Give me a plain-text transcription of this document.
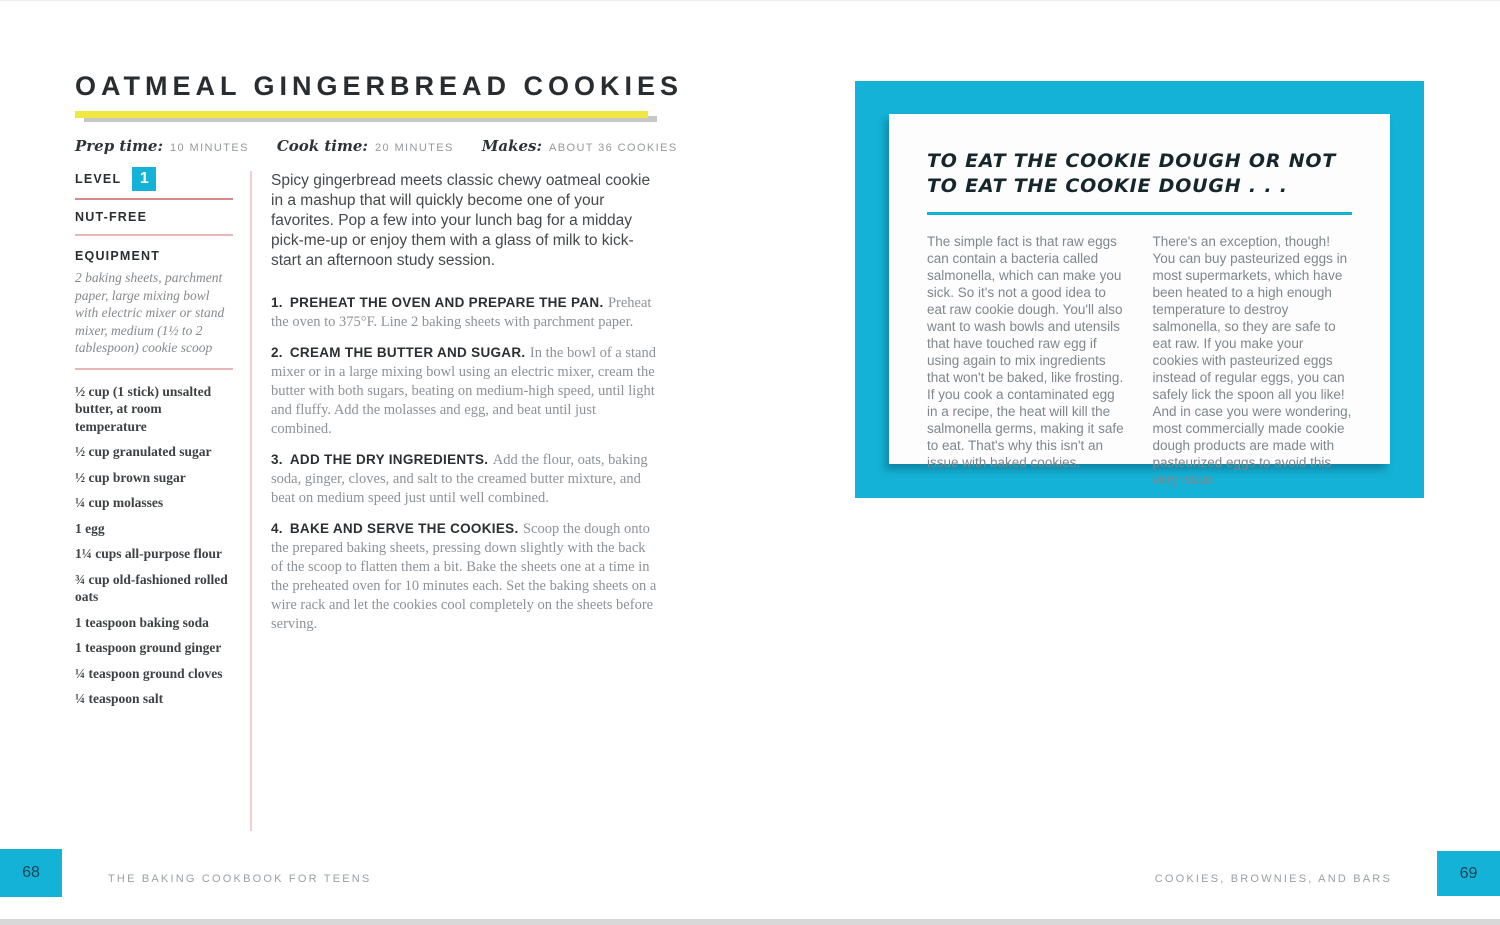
OATMEAL GINGERBREAD COOKIES
Prep time: 10 MINUTES Cook time: 20 MINUTES Makes: ABOUT 36 COOKIES
LEVEL	1
NUT-FREE
EQUIPMENT

2 baking sheets, parchment paper, large mixing bowl with electric mixer or stand mixer, medium (1½ to 2 tablespoon) cookie scoop

½ cup (1 stick) unsalted butter, at room temperature
½ cup granulated sugar
½ cup brown sugar
¼ cup molasses
1 egg
1¼ cups all-purpose flour
¾ cup old-fashioned rolled oats
1 teaspoon baking soda
1 teaspoon ground ginger
¼ teaspoon ground cloves
¼ teaspoon salt

Spicy gingerbread meets classic chewy oatmeal cookie in a mashup that will quickly become one of your favorites. Pop a few into your lunch bag for a midday pick-me-up or enjoy them with a glass of milk to kick-start an afternoon study session.

1. PREHEAT THE OVEN AND PREPARE THE PAN. Preheat the oven to 375°F. Line 2 baking sheets with parchment paper.

2. CREAM THE BUTTER AND SUGAR. In the bowl of a stand mixer or in a large mixing bowl using an electric mixer, cream the butter with both sugars, beating on medium-high speed, until light and fluffy. Add the molasses and egg, and beat until just combined.

3. ADD THE DRY INGREDIENTS. Add the flour, oats, baking soda, ginger, cloves, and salt to the creamed butter mixture, and beat on medium speed just until well combined.

4. BAKE AND SERVE THE COOKIES. Scoop the dough onto the prepared baking sheets, pressing down slightly with the back of the scoop to flatten them a bit. Bake the sheets one at a time in the preheated oven for 10 minutes each. Set the baking sheets on a wire rack and let the cookies cool completely on the sheets before serving.

TO EAT THE COOKIE DOUGH OR NOT
TO EAT THE COOKIE DOUGH . . .

The simple fact is that raw eggs can contain a bacteria called salmonella, which can make you sick. So it's not a good idea to eat raw cookie dough. You'll also want to wash bowls and utensils that have touched raw egg if using again to mix ingredients that won't be baked, like frosting. If you cook a contaminated egg in a recipe, the heat will kill the salmonella germs, making it safe to eat. That's why this isn't an issue with baked cookies.

There's an exception, though! You can buy pasteurized eggs in most supermarkets, which have been heated to a high enough temperature to destroy salmonella, so they are safe to eat raw. If you make your cookies with pasteurized eggs instead of regular eggs, you can safely lick the spoon all you like! And in case you were wondering, most commercially made cookie dough products are made with pasteurized eggs to avoid this very issue.

68	THE BAKING COOKBOOK FOR TEENS	COOKIES, BROWNIES, AND BARS	69
